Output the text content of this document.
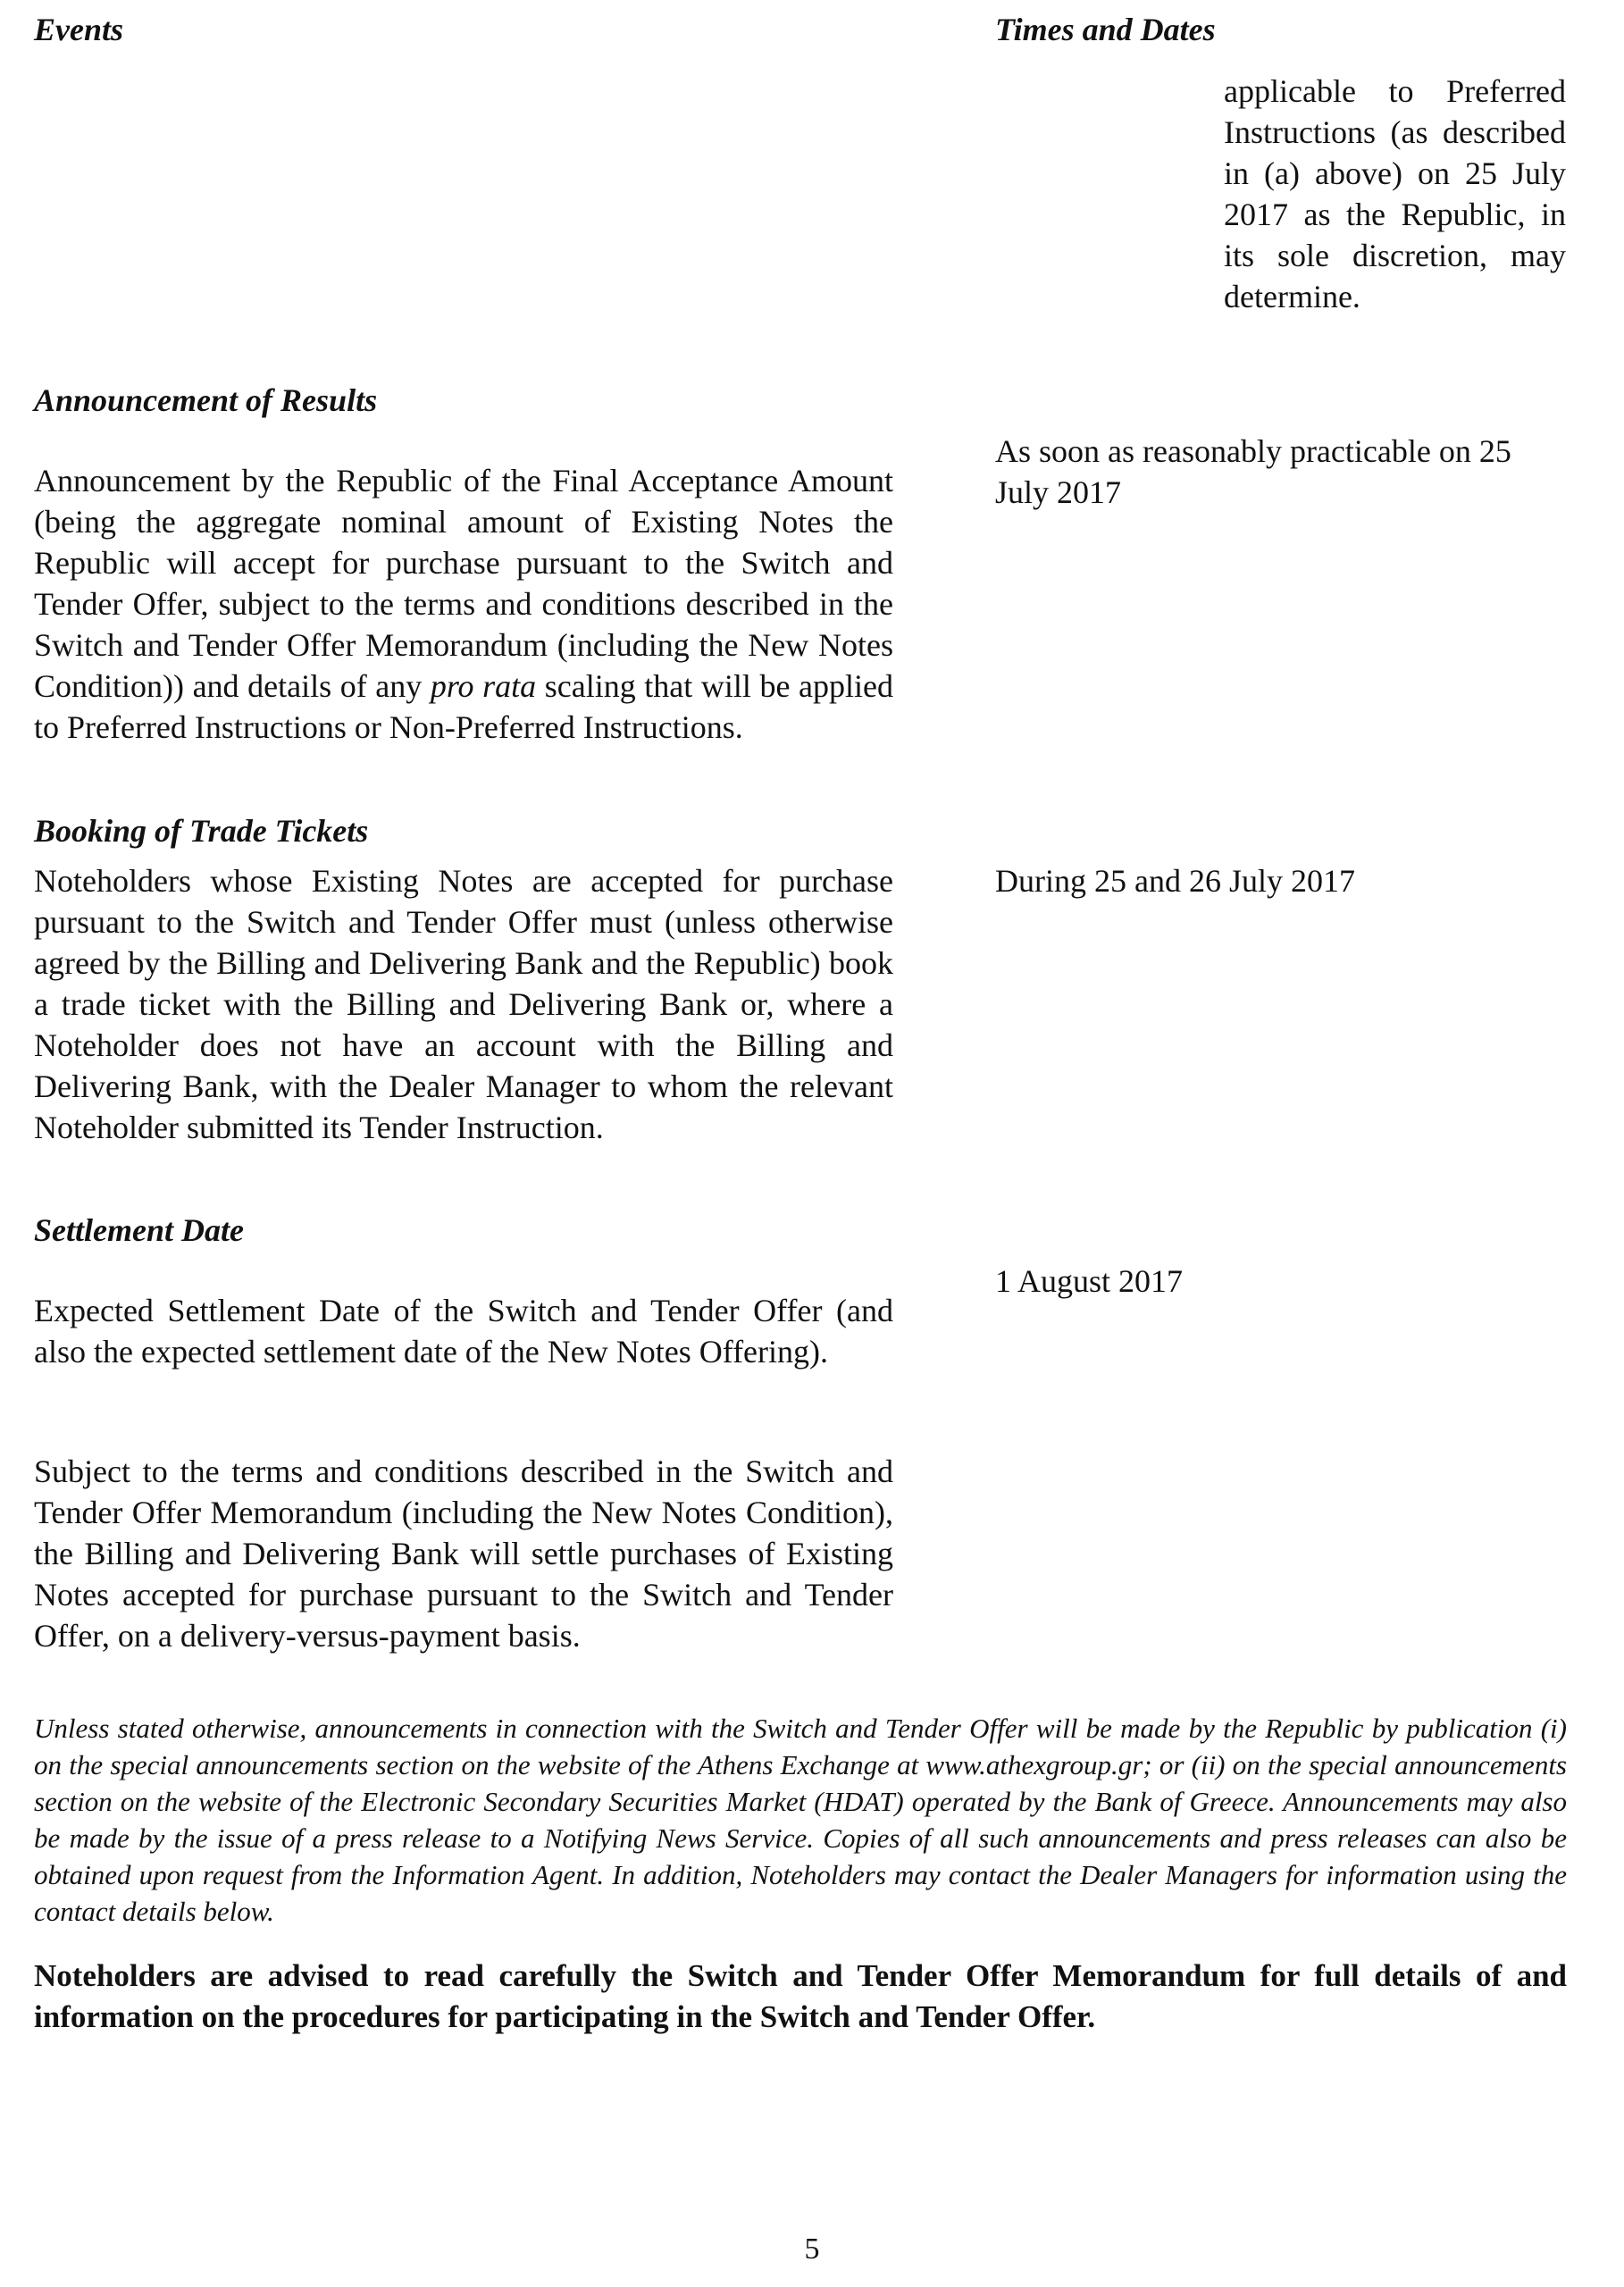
Events	Times and Dates

applicable to Preferred Instructions (as described in (a) above) on 25 July 2017 as the Republic, in its sole discretion, may determine.

Announcement of Results

Announcement by the Republic of the Final Acceptance Amount (being the aggregate nominal amount of Existing Notes the Republic will accept for purchase pursuant to the Switch and Tender Offer, subject to the terms and conditions described in the Switch and Tender Offer Memorandum (including the New Notes Condition)) and details of any pro rata scaling that will be applied to Preferred Instructions or Non-Preferred Instructions.

As soon as reasonably practicable on 25 July 2017

Booking of Trade Tickets

Noteholders whose Existing Notes are accepted for purchase pursuant to the Switch and Tender Offer must (unless otherwise agreed by the Billing and Delivering Bank and the Republic) book a trade ticket with the Billing and Delivering Bank or, where a Noteholder does not have an account with the Billing and Delivering Bank, with the Dealer Manager to whom the relevant Noteholder submitted its Tender Instruction.

During 25 and 26 July 2017

Settlement Date

Expected Settlement Date of the Switch and Tender Offer (and also the expected settlement date of the New Notes Offering).

Subject to the terms and conditions described in the Switch and Tender Offer Memorandum (including the New Notes Condition), the Billing and Delivering Bank will settle purchases of Existing Notes accepted for purchase pursuant to the Switch and Tender Offer, on a delivery-versus-payment basis.

1 August 2017

Unless stated otherwise, announcements in connection with the Switch and Tender Offer will be made by the Republic by publication (i) on the special announcements section on the website of the Athens Exchange at www.athexgroup.gr; or (ii) on the special announcements section on the website of the Electronic Secondary Securities Market (HDAT) operated by the Bank of Greece. Announcements may also be made by the issue of a press release to a Notifying News Service. Copies of all such announcements and press releases can also be obtained upon request from the Information Agent. In addition, Noteholders may contact the Dealer Managers for information using the contact details below.

Noteholders are advised to read carefully the Switch and Tender Offer Memorandum for full details of and information on the procedures for participating in the Switch and Tender Offer.

5
